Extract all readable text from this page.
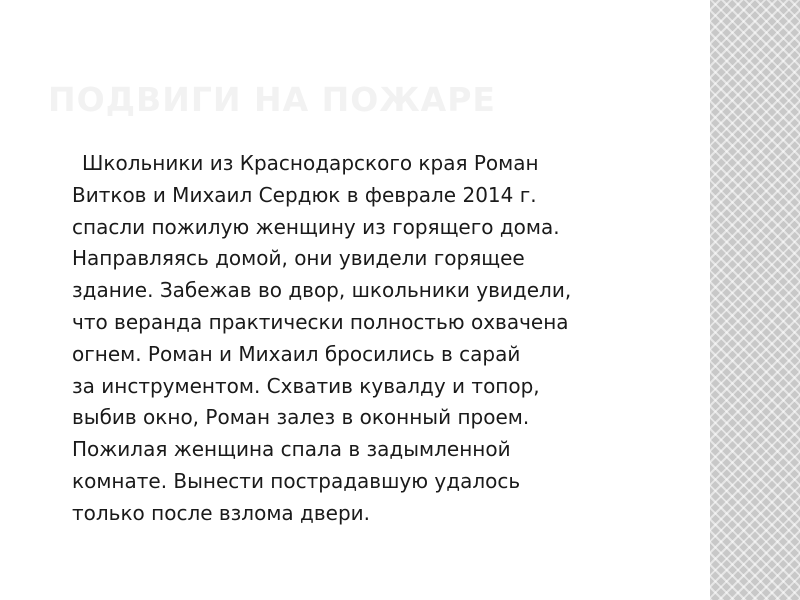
ПОДВИГИ НА ПОЖАРЕ
Школьники из Краснодарского края Роман
Витков и Михаил Сердюк в феврале 2014 г.
спасли пожилую женщину из горящего дома.
Направляясь домой, они увидели горящее
здание. Забежав во двор, школьники увидели,
что веранда практически полностью охвачена
огнем. Роман и Михаил бросились в сарай
за инструментом. Схватив кувалду и топор,
выбив окно, Роман залез в оконный проем.
Пожилая женщина спала в задымленной
комнате. Вынести пострадавшую удалось
только после взлома двери.
